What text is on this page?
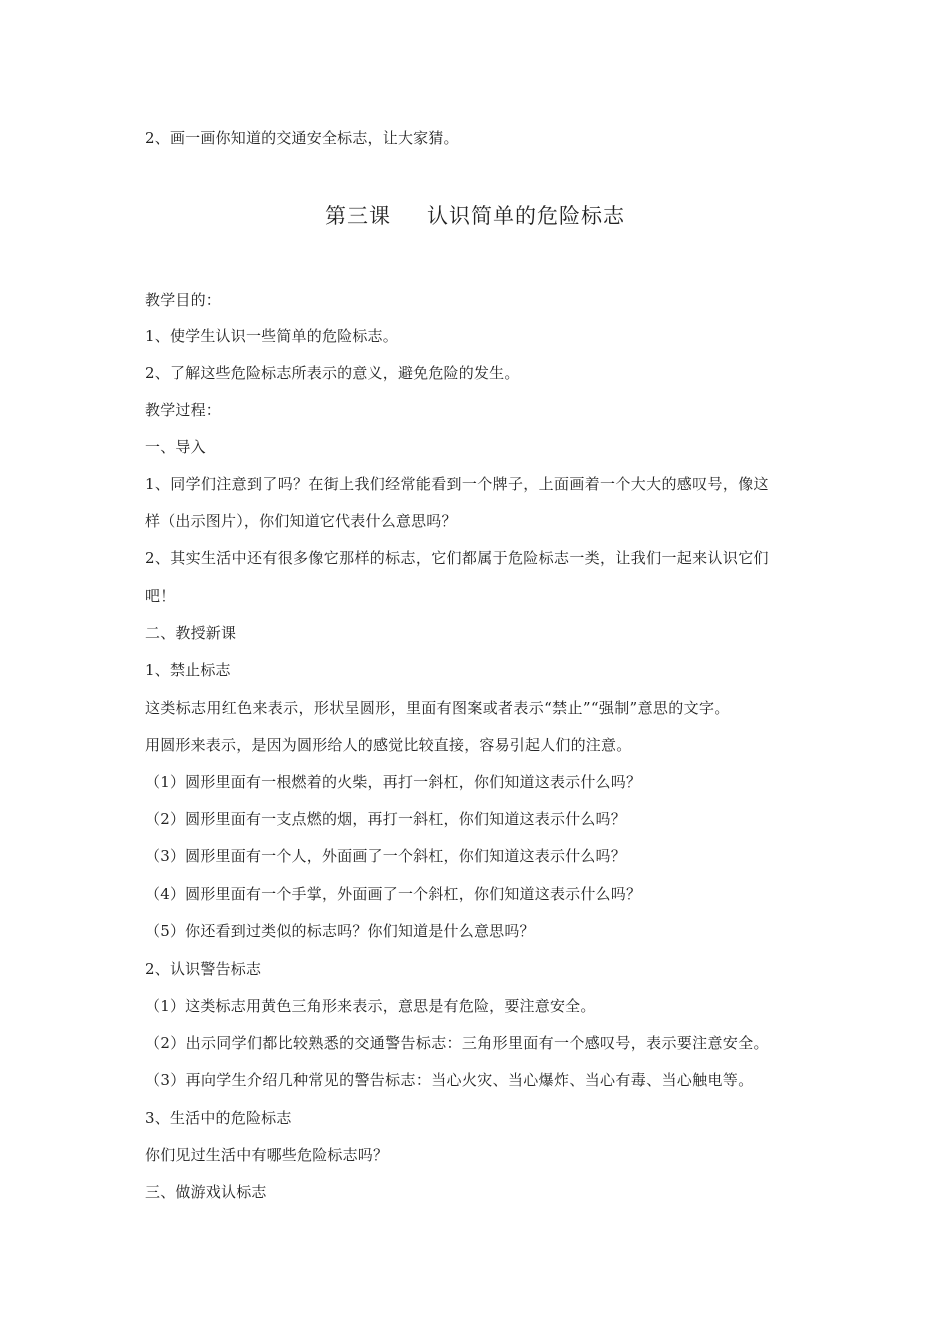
2、画一画你知道的交通安全标志，让大家猜。
第三课 认识简单的危险标志
教学目的：
1、使学生认识一些简单的危险标志。
2、了解这些危险标志所表示的意义，避免危险的发生。
教学过程：
一、导入
1、同学们注意到了吗？在街上我们经常能看到一个牌子，上面画着一个大大的感叹号，像这
样（出示图片），你们知道它代表什么意思吗？
2、其实生活中还有很多像它那样的标志，它们都属于危险标志一类，让我们一起来认识它们
吧！
二、教授新课
1、禁止标志
这类标志用红色来表示，形状呈圆形，里面有图案或者表示“禁止”“强制”意思的文字。
用圆形来表示，是因为圆形给人的感觉比较直接，容易引起人们的注意。
（1）圆形里面有一根燃着的火柴，再打一斜杠，你们知道这表示什么吗？
（2）圆形里面有一支点燃的烟，再打一斜杠，你们知道这表示什么吗？
（3）圆形里面有一个人，外面画了一个斜杠，你们知道这表示什么吗？
（4）圆形里面有一个手掌，外面画了一个斜杠，你们知道这表示什么吗？
（5）你还看到过类似的标志吗？你们知道是什么意思吗？
2、认识警告标志
（1）这类标志用黄色三角形来表示，意思是有危险，要注意安全。
（2）出示同学们都比较熟悉的交通警告标志：三角形里面有一个感叹号，表示要注意安全。
（3）再向学生介绍几种常见的警告标志：当心火灾、当心爆炸、当心有毒、当心触电等。
3、生活中的危险标志
你们见过生活中有哪些危险标志吗？
三、做游戏认标志
